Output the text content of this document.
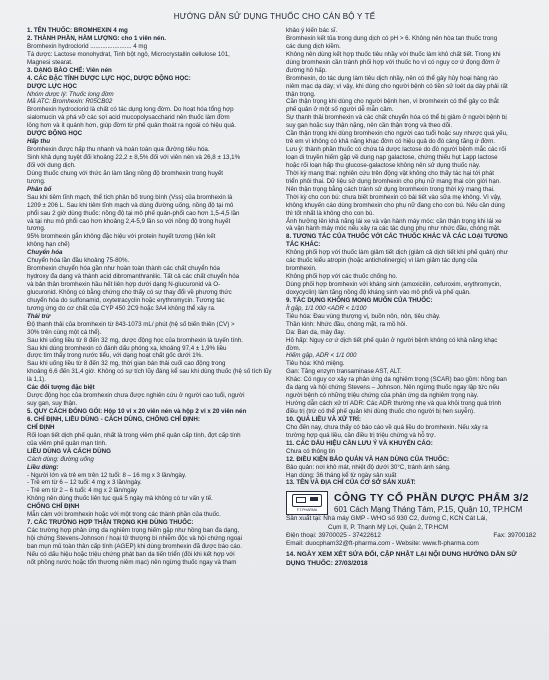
HƯỚNG DẪN SỬ DỤNG THUỐC CHO CÁN BỘ Y TẾ

1. TÊN THUỐC: BROMHEXIN 4 mg

2. THÀNH PHẦN, HÀM LƯỢNG: cho 1 viên nén.

Bromhexin hydroclorid ........................ 4 mg

Tá dược: Lactose monohydrat, Tinh bột ngô, Microcrystallin cellulose 101,

Magnesi stearat.

3. DẠNG BÀO CHẾ: Viên nén

4. CÁC ĐẶC TÍNH DƯỢC LỰC HỌC, DƯỢC ĐỘNG HỌC:

DƯỢC LỰC HỌC

Nhóm dược lý: Thuốc long đờm

Mã ATC: Bromhexin: R05CB02

Bromhexin hydroclorid là chất có tác dụng long đờm. Do hoạt hóa tổng hợp

sialomucin và phá vỡ các sợi acid mucopolysaccharid nên thuốc làm đờm

lỏng hơn và ít quánh hơn, giúp đờm từ phế quản thoát ra ngoài có hiệu quả.

DƯỢC ĐỘNG HỌC

Hấp thu

Bromhexin được hấp thu nhanh và hoàn toàn qua đường tiêu hóa.

Sinh khả dụng tuyệt đối khoảng 22,2 ± 8,5% đối với viên nén và 26,8 ± 13,1%

đối với dung dịch.

Dùng thuốc chung với thức ăn làm tăng nồng độ bromhexin trong huyết

tương.

Phân bố

Sau khi tiêm tĩnh mạch, thể tích phân bố trung bình (Vss) của bromhexin là

1209 ± 206 L. Sau khi tiêm tĩnh mạch và dùng đường uống, nồng độ tại mô

phổi sau 2 giờ dùng thuốc: nồng độ tại mô phế quản-phổi cao hơn 1,5-4,5 lần

và tại nhu mô phổi cao hơn khoảng 2,4-5,9 lần so với nồng độ trong huyết

tương.

95% bromhexin gắn không đặc hiệu với protein huyết tương (liên kết

không hạn chế)

Chuyển hóa

Chuyển hóa lần đầu khoảng 75-80%.

Bromhexin chuyển hóa gần như hoàn toàn thành các chất chuyển hóa

hydroxy đa dạng và thành acid dibromanthranilic. Tất cả các chất chuyển hóa

và bản thân bromhexin hầu hết liên hợp dưới dạng N-glucuronid và O-

glucuronid. Không có bằng chứng cho thấy có sự thay đổi về phương thức

chuyển hóa do sulfonamid, oxytetracyclin hoặc erythromycin. Tương tác

tương ứng do cơ chất của CYP 450 2C9 hoặc 3A4 không thể xảy ra.

Thải trừ

Độ thanh thải của bromhexin từ 843-1073 mL/ phút (hệ số biến thiên (CV) >

30% trên cùng một cá thể).

Sau khi uống liều từ 8 đến 32 mg, dược động học của bromhexin là tuyến tính.

Sau khi dùng bromhexin có đánh dấu phóng xạ, khoảng 97,4 ± 1,9% liều

được tìm thấy trong nước tiểu, với dạng hoạt chất gốc dưới 1%.

Sau khi uống liều từ 8 đến 32 mg, thời gian bán thải cuối cao động trong

khoảng 6,6 đến 31,4 giờ. Không có sự tích lũy đáng kể sau khi dùng thuốc (hệ số tích lũy

là 1,1).

Các đối tượng đặc biệt

Dược động học của bromhexin chưa được nghiên cứu ở người cao tuổi, người

suy gan, suy thận.

5. QUY CÁCH ĐÓNG GÓI: Hộp 10 vỉ x 20 viên nén và hộp 2 vỉ x 20 viên nén

6. CHỈ ĐỊNH, LIỀU DÙNG - CÁCH DÙNG, CHỐNG CHỈ ĐỊNH:

CHỈ ĐỊNH

Rối loạn tiết dịch phế quản, nhất là trong viêm phế quản cấp tính, đợt cấp tính

của viêm phế quản mạn tính.

LIỀU DÙNG VÀ CÁCH DÙNG

Cách dùng: đường uống

Liều dùng:

- Người lớn và trẻ em trên 12 tuổi: 8 – 16 mg x 3 lần/ngày.

- Trẻ em từ 6 – 12 tuổi: 4 mg x 3 lần/ngày.

- Trẻ em từ 2 – 6 tuổi: 4 mg x 2 lần/ngày

Không nên dùng thuốc liên tục quá 5 ngày mà không có tư vấn y tế.

CHỐNG CHỈ ĐỊNH

Mẫn cảm với bromhexin hoặc với một trong các thành phần của thuốc.

7. CÁC TRƯỜNG HỢP THẬN TRỌNG KHI DÙNG THUỐC:

Các trường hợp phản ứng da nghiêm trọng hiếm gặp như hồng ban đa dạng,

hội chứng Stevens-Johnson / hoại tử thượng bì nhiễm độc và hội chứng ngoại

ban mụn mủ toàn thân cấp tính (AGEP) khi dùng bromhexin đã được báo cáo.

Nếu có dấu hiệu hoặc triệu chứng phát ban da tiến triển (đôi khi kết hợp với

nốt phồng nước hoặc tổn thương niêm mạc) nên ngừng thuốc ngay và tham

khảo ý kiến bác sĩ.

Bromhexin kết tủa trong dung dịch có pH > 6. Không nên hòa tan thuốc trong

các dung dịch kiềm.

Không nên dùng kết hợp thuốc tiêu nhầy với thuốc làm khô chất tiết. Trong khi

dùng bromhexin cần tránh phối hợp với thuốc ho vì có nguy cơ ứ đọng đờm ở

đường hô hấp.

Bromhexin, do tác dụng làm tiêu dịch nhầy, nên có thể gây hủy hoại hàng rào

niêm mạc dạ dày; vì vậy, khi dùng cho người bệnh có tiền sử loét dạ dày phải rất

thận trọng.

Cần thận trọng khi dùng cho người bệnh hen, vì bromhexin có thể gây co thắt

phế quản ở một số người dễ mẫn cảm.

Sự thanh thải bromhexin và các chất chuyển hóa có thể bị giảm ở người bệnh bị

suy gan hoặc suy thận nặng, nên cần thận trọng và theo dõi.

Cần thận trọng khi dùng bromhexin cho người cao tuổi hoặc suy nhược quá yếu,

trẻ em vì không có khả năng khạc đờm có hiệu quả do đó càng tăng ứ đờm.

Lưu ý: thành phần thuốc có chứa tá dược lactose do đó người bệnh mắc các rối

loạn di truyền hiếm gặp về dung nạp galactose, chứng thiếu hụt Lapp lactose

hoặc rối loạn hấp thu glucose-galactose không nên sử dụng thuốc này.

Thời kỳ mang thai: nghiên cứu trên động vật không cho thấy tác hại tới phát

triển phôi thai. Dữ liệu sử dụng bromhexin cho phụ nữ mang thai còn giới hạn.

Nên thận trọng bằng cách tránh sử dụng bromhexin trong thời kỳ mang thai.

Thời kỳ cho con bú: chưa biết bromhexin có bài tiết vào sữa mẹ không. Vì vậy,

không khuyến cáo dùng bromhexin cho phụ nữ đang cho con bú. Nếu cần dùng

thì tốt nhất là không cho con bú.

Ảnh hưởng lên khả năng lái xe và vận hành máy móc: cần thận trọng khi lái xe

và vận hành máy móc nếu xảy ra các tác dụng phụ như nhức đầu, chóng mặt.

8. TƯƠNG TÁC CỦA THUỐC VỚI CÁC THUỐC KHÁC VÀ CÁC LOẠI TƯƠNG

TÁC KHÁC:

Không phối hợp với thuốc làm giảm tiết dịch (giảm cả dịch tiết khí phế quản) như

các thuốc kiểu atropin (hoặc anticholinergic) vì làm giảm tác dụng của

bromhexin.

Không phối hợp với các thuốc chống ho.

Dùng phối hợp bromhexin với kháng sinh (amoxicilin, cefuroxim, erythromycin,

doxycyclin) làm tăng nồng độ kháng sinh vào mô phổi và phế quản.

9. TÁC DỤNG KHÔNG MONG MUỐN CỦA THUỐC:

Ít gặp, 1/1 000 <ADR < 1/100

Tiêu hóa: Đau vùng thượng vị, buồn nôn, nôn, tiêu chảy.

Thần kinh: Nhức đầu, chóng mặt, ra mồ hôi.

Da: Ban da, mày đay.

Hô hấp: Nguy cơ ứ dịch tiết phế quản ở người bệnh không có khả năng khạc

đờm.

Hiếm gặp, ADR < 1/1 000

Tiêu hóa: Khô miệng.

Gan: Tăng enzym transaminase AST, ALT.

Khác: Có nguy cơ xảy ra phản ứng da nghiêm trọng (SCAR) bao gồm: hồng ban

đa dạng và hội chứng Stevens – Johnson. Nên ngừng thuốc ngay lập tức nếu

người bệnh có những triệu chứng của phản ứng da nghiêm trọng này.

Hướng dẫn cách xử trí ADR: Các ADR thường nhẹ và qua khỏi trong quá trình

điều trị (trừ có thể phế quản khi dùng thuốc cho người bị hen suyễn).

10. QUÁ LIỀU VÀ XỬ TRÍ:

Cho đến nay, chưa thấy có báo cáo về quá liều do bromhexin. Nếu xảy ra

trường hợp quá liều, cần điều trị triệu chứng và hỗ trợ.

11. CÁC DẤU HIỆU CẦN LƯU Ý VÀ KHUYẾN CÁO:

Chưa có thông tin

12. ĐIỀU KIỆN BẢO QUẢN VÀ HẠN DÙNG CỦA THUỐC:

Bảo quản: nơi khô mát, nhiệt độ dưới 30°C, tránh ánh sáng.

Hạn dùng: 36 tháng kể từ ngày sản xuất

13. TÊN VÀ ĐỊA CHỈ CỦA CƠ SỞ SẢN XUẤT:

F.T.PHARMA
CÔNG TY CỔ PHẦN DƯỢC PHẨM 3/2
601 Cách Mạng Tháng Tám, P.15, Quận 10, TP.HCM

Sản xuất tại: Nhà máy GMP - WHO số 930 C2, đường C, KCN Cát Lái,

Cụm II, P. Thạnh Mỹ Lợi, Quận 2, TP.HCM

Điện thoại: 39700025 - 37422612	Fax: 39700182

Email: duocpham32@ft-pharma.com - Website: www.ft-pharma.com

14. NGÀY XEM XÉT SỬA ĐỔI, CẬP NHẬT LẠI NỘI DUNG HƯỚNG DẪN SỬ

DỤNG THUỐC: 27/03/2018
